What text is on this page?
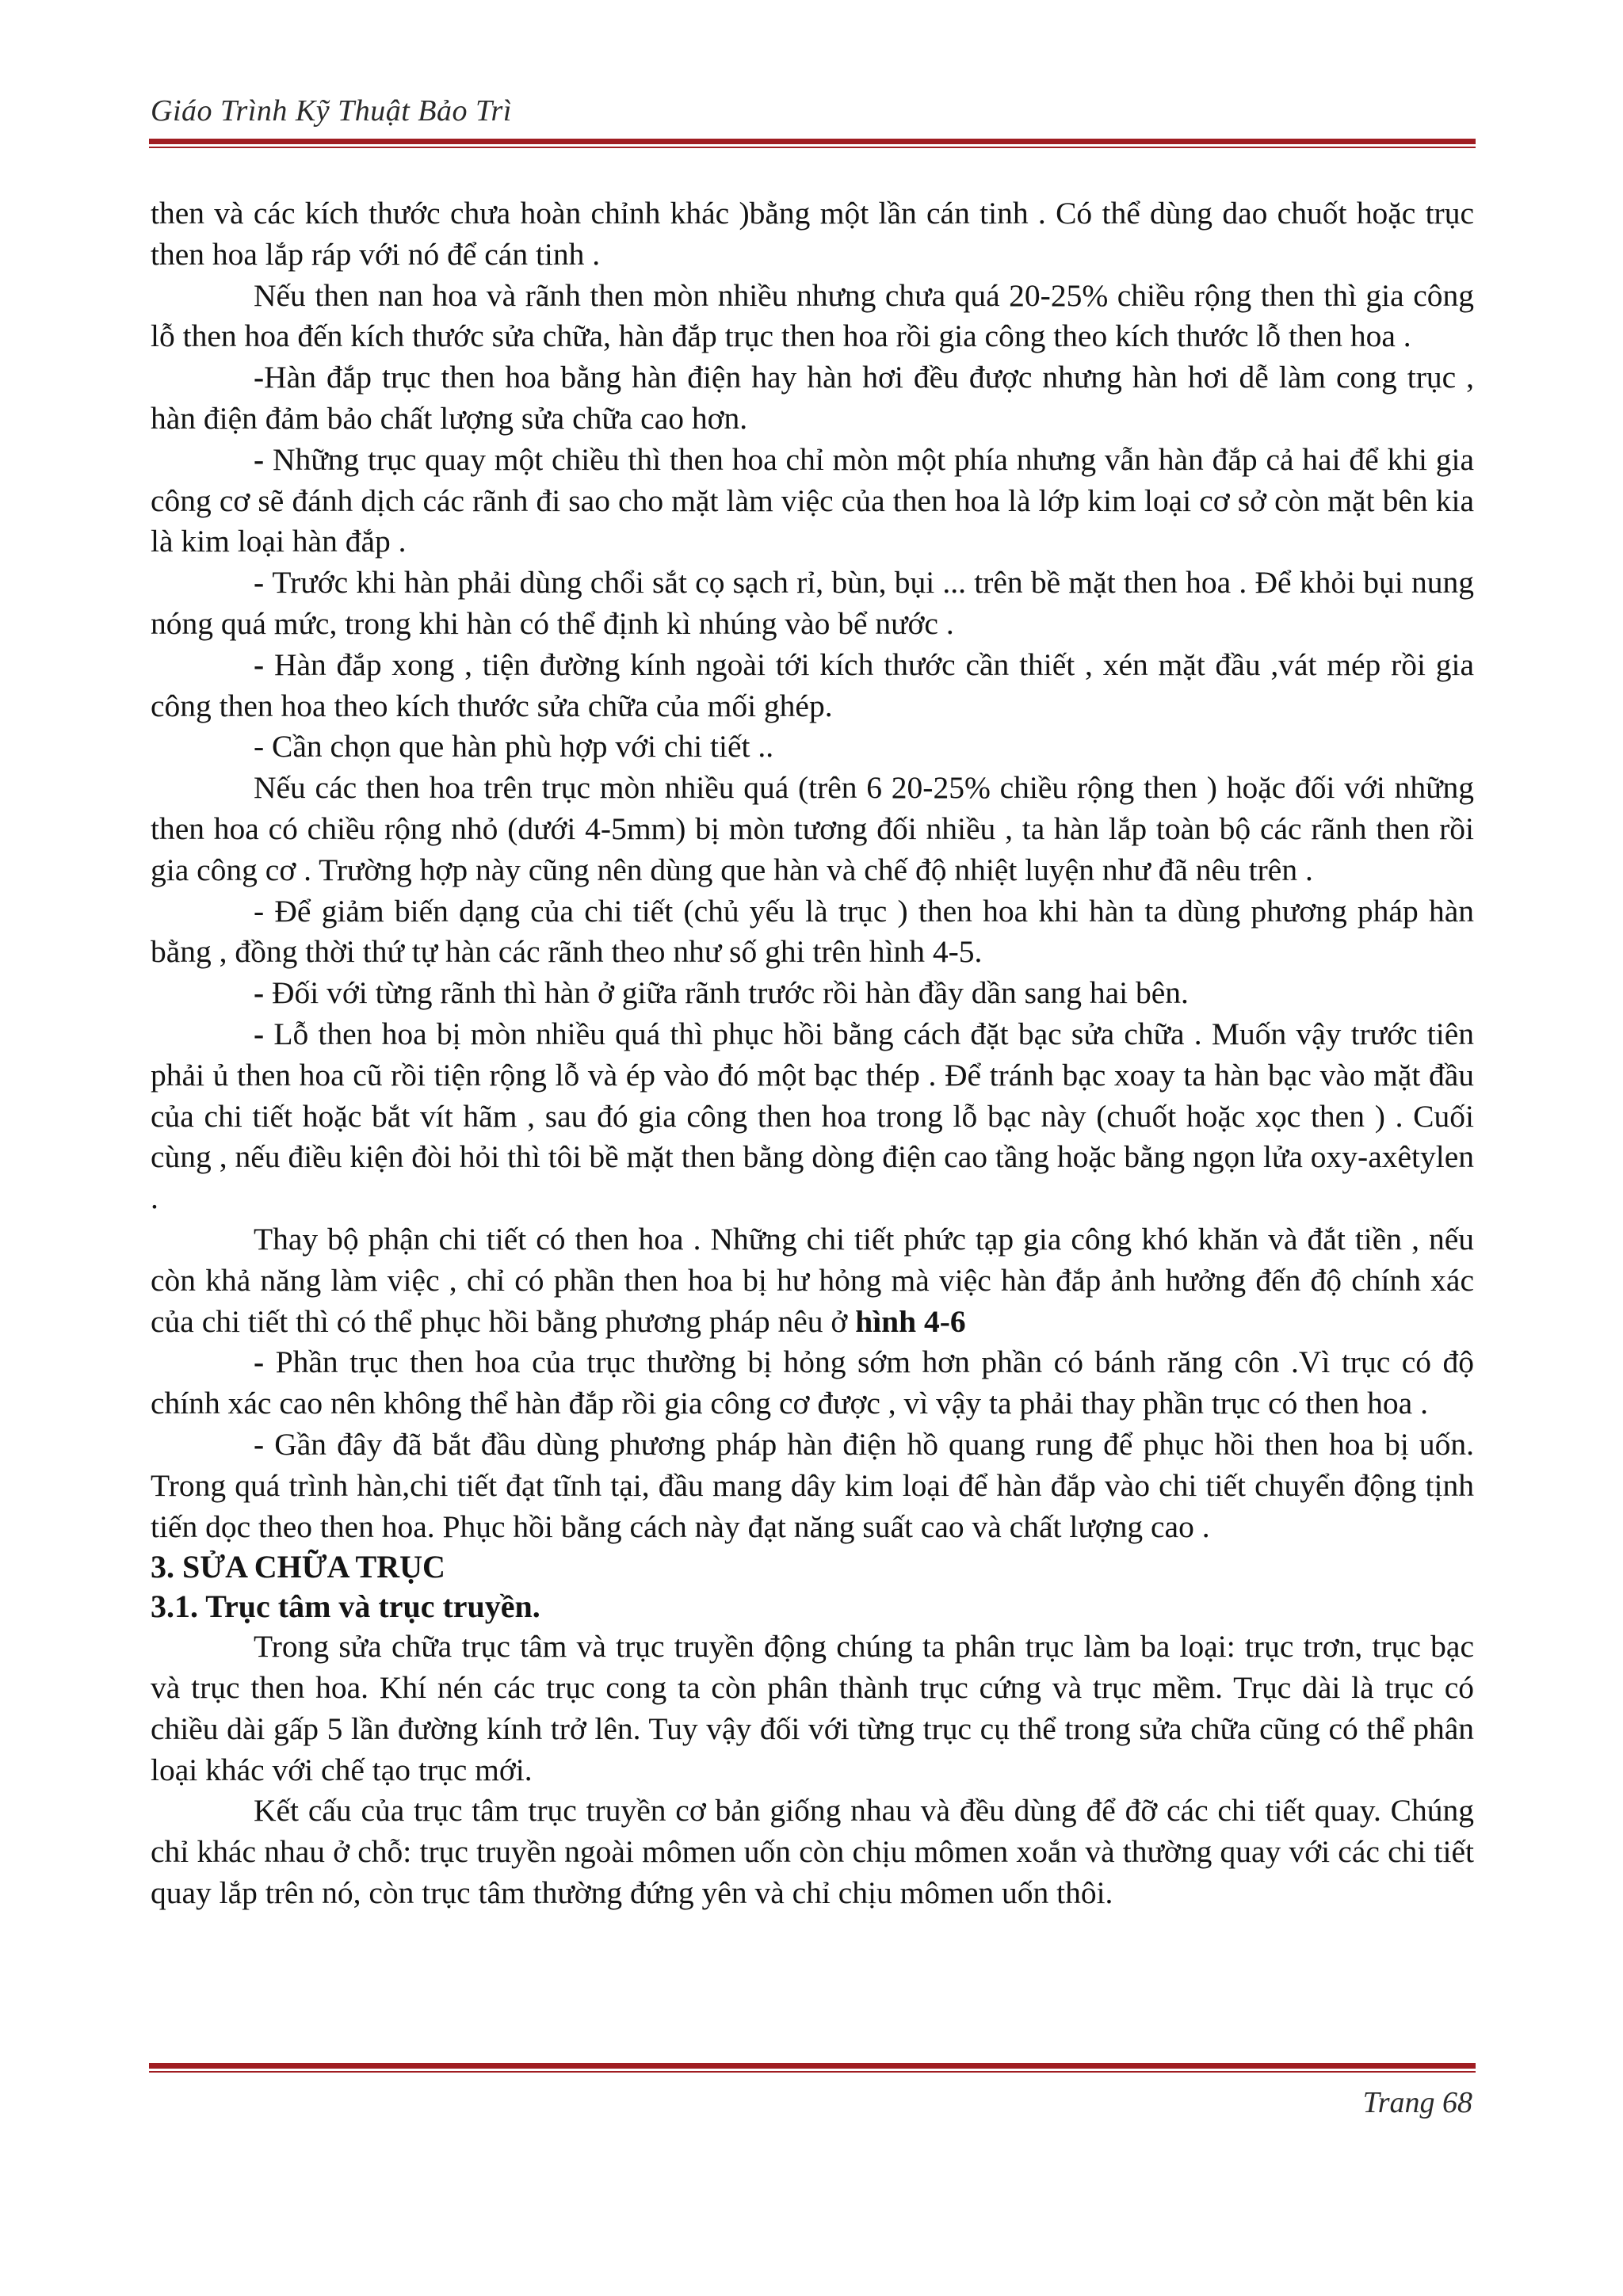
Giáo Trình Kỹ Thuật Bảo Trì

then và các kích thước chưa hoàn chỉnh khác )bằng một lần cán tinh . Có thể dùng dao chuốt hoặc trục then hoa lắp ráp với nó để cán tinh .

Nếu then nan hoa và rãnh then mòn nhiều nhưng chưa quá 20-25% chiều rộng then thì gia công lỗ then hoa đến kích thước sửa chữa, hàn đắp trục then hoa rồi gia công theo kích thước lỗ then hoa .

-Hàn đắp trục then hoa bằng hàn điện hay hàn hơi đều được nhưng hàn hơi dễ làm cong trục , hàn điện đảm bảo chất lượng sửa chữa cao hơn.

- Những trục quay một chiều thì then hoa chỉ mòn một phía nhưng vẫn hàn đắp cả hai để khi gia công cơ sẽ đánh dịch các rãnh đi sao cho mặt làm việc của then hoa là lớp kim loại cơ sở còn mặt bên kia là kim loại hàn đắp .

- Trước khi hàn phải dùng chổi sắt cọ sạch rỉ, bùn, bụi ... trên bề mặt then hoa . Để khỏi bụi nung nóng quá mức, trong khi hàn có thể định kì nhúng vào bể nước .

- Hàn đắp xong , tiện đường kính ngoài tới kích thước cần thiết , xén mặt đầu ,vát mép rồi gia công then hoa theo kích thước sửa chữa của mối ghép.

- Cần chọn que hàn phù hợp với chi tiết ..

Nếu các then hoa trên trục mòn nhiều quá (trên 6 20-25% chiều rộng then ) hoặc đối với những then hoa có chiều rộng nhỏ (dưới 4-5mm) bị mòn tương đối nhiều , ta hàn lắp toàn bộ các rãnh then rồi gia công cơ . Trường hợp này cũng nên dùng que hàn và chế độ nhiệt luyện như đã nêu trên .

- Để giảm biến dạng của chi tiết (chủ yếu là trục ) then hoa khi hàn ta dùng phương pháp hàn bằng , đồng thời thứ tự hàn các rãnh theo như số ghi trên hình 4-5.

- Đối với từng rãnh thì hàn ở giữa rãnh trước rồi hàn đầy dần sang hai bên.

- Lỗ then hoa bị mòn nhiều quá thì phục hồi bằng cách đặt bạc sửa chữa . Muốn vậy trước tiên phải ủ then hoa cũ rồi tiện rộng lỗ và ép vào đó một bạc thép . Để tránh bạc xoay ta hàn bạc vào mặt đầu của chi tiết hoặc bắt vít hãm , sau đó gia công then hoa trong lỗ bạc này (chuốt hoặc xọc then ) . Cuối cùng , nếu điều kiện đòi hỏi thì tôi bề mặt then bằng dòng điện cao tầng hoặc bằng ngọn lửa oxy-axêtylen .

Thay bộ phận chi tiết có then hoa . Những chi tiết phức tạp gia công khó khăn và đắt tiền , nếu còn khả năng làm việc , chỉ có phần then hoa bị hư hỏng mà việc hàn đắp ảnh hưởng đến độ chính xác của chi tiết thì có thể phục hồi bằng phương pháp nêu ở hình 4-6

- Phần trục then hoa của trục thường bị hỏng sớm hơn phần có bánh răng côn .Vì trục có độ chính xác cao nên không thể hàn đắp rồi gia công cơ được , vì vậy ta phải thay phần trục có then hoa .

- Gần đây đã bắt đầu dùng phương pháp hàn điện hồ quang rung để phục hồi then hoa bị uốn. Trong quá trình hàn,chi tiết đạt tĩnh tại, đầu mang dây kim loại để hàn đắp vào chi tiết chuyển động tịnh tiến dọc theo then hoa. Phục hồi bằng cách này đạt năng suất cao và chất lượng cao .

3. SỬA CHỮA TRỤC

3.1. Trục tâm và trục truyền.

Trong sửa chữa trục tâm và trục truyền động chúng ta phân trục làm ba loại: trục trơn, trục bạc và trục then hoa. Khí nén các trục cong ta còn phân thành trục cứng và trục mềm. Trục dài là trục có chiều dài gấp 5 lần đường kính trở lên. Tuy vậy đối với từng trục cụ thể trong sửa chữa cũng có thể phân loại khác với chế tạo trục mới.

Kết cấu của trục tâm trục truyền cơ bản giống nhau và đều dùng để đỡ các chi tiết quay. Chúng chỉ khác nhau ở chỗ: trục truyền ngoài mômen uốn còn chịu mômen xoắn và thường quay với các chi tiết quay lắp trên nó, còn trục tâm thường đứng yên và chỉ chịu mômen uốn thôi.

Trang 68
